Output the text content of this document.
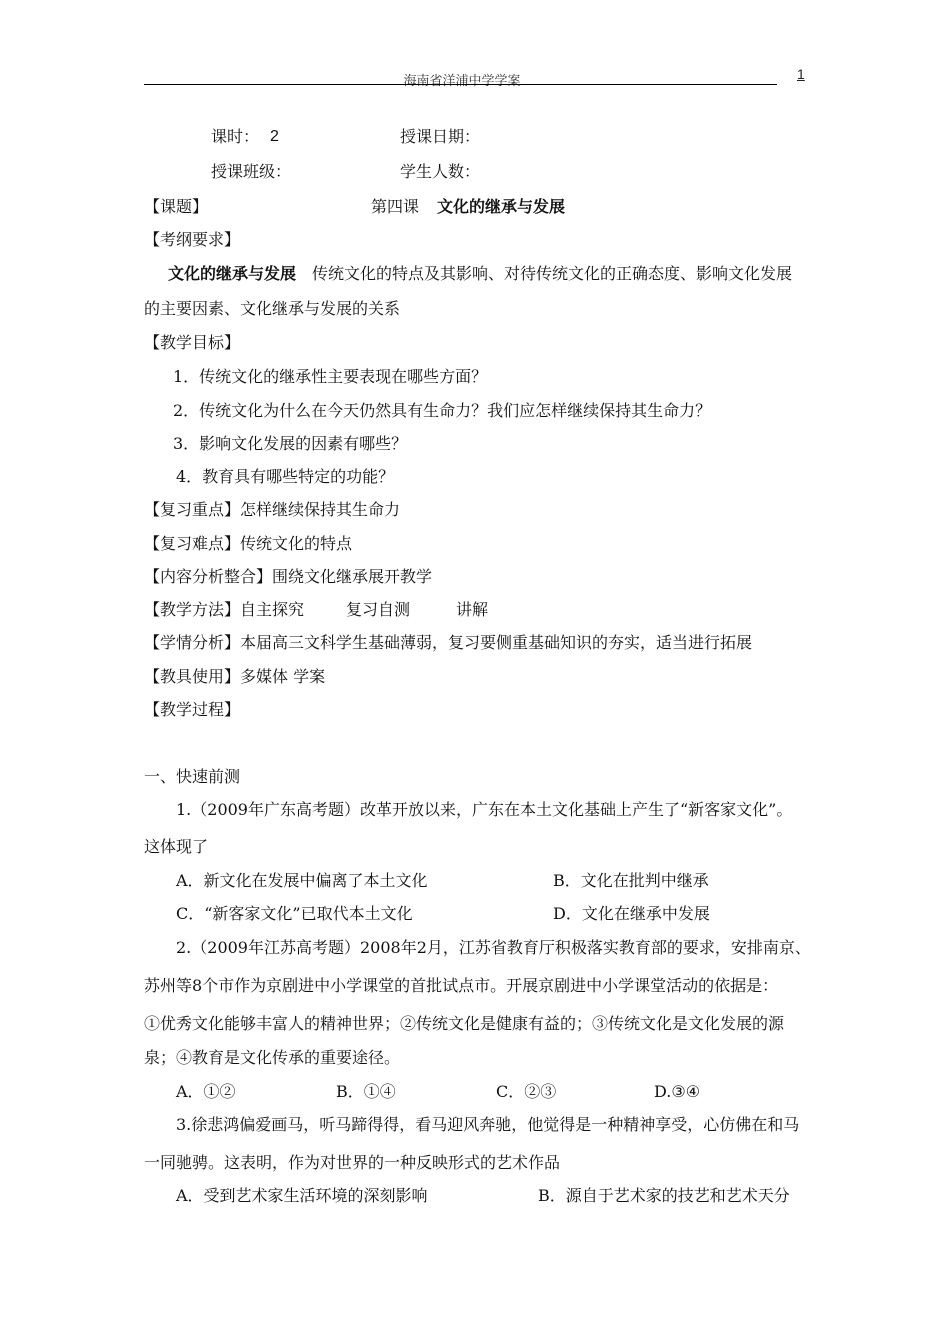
海南省洋浦中学学案	1
课时： 2	授课日期：
授课班级：	学生人数：
【课题】	第四课 文化的继承与发展
【考纲要求】
文化的继承与发展 传统文化的特点及其影响、对待传统文化的正确态度、影响文化发展
的主要因素、文化继承与发展的关系
【教学目标】
1．传统文化的继承性主要表现在哪些方面？
2．传统文化为什么在今天仍然具有生命力？我们应怎样继续保持其生命力？
3．影响文化发展的因素有哪些？
4．教育具有哪些特定的功能？
【复习重点】怎样继续保持其生命力
【复习难点】传统文化的特点
【内容分析整合】围绕文化继承展开教学
【教学方法】自主探究	复习自测	讲解
【学情分析】本届高三文科学生基础薄弱，复习要侧重基础知识的夯实，适当进行拓展
【教具使用】多媒体 学案
【教学过程】
一、快速前测
1.（2009年广东高考题）改革开放以来，广东在本土文化基础上产生了“新客家文化”。
这体现了
A．新文化在发展中偏离了本土文化	B．文化在批判中继承
C．“新客家文化”已取代本土文化	D．文化在继承中发展
2.（2009年江苏高考题）2008年2月，江苏省教育厅积极落实教育部的要求，安排南京、
苏州等8个市作为京剧进中小学课堂的首批试点市。开展京剧进中小学课堂活动的依据是：
①优秀文化能够丰富人的精神世界；②传统文化是健康有益的；③传统文化是文化发展的源
泉；④教育是文化传承的重要途径。
A．①②	B．①④	C．②③	D.③④
3.徐悲鸿偏爱画马，听马蹄得得，看马迎风奔驰，他觉得是一种精神享受，心仿佛在和马
一同驰骋。这表明，作为对世界的一种反映形式的艺术作品
A．受到艺术家生活环境的深刻影响	B．源自于艺术家的技艺和艺术天分
